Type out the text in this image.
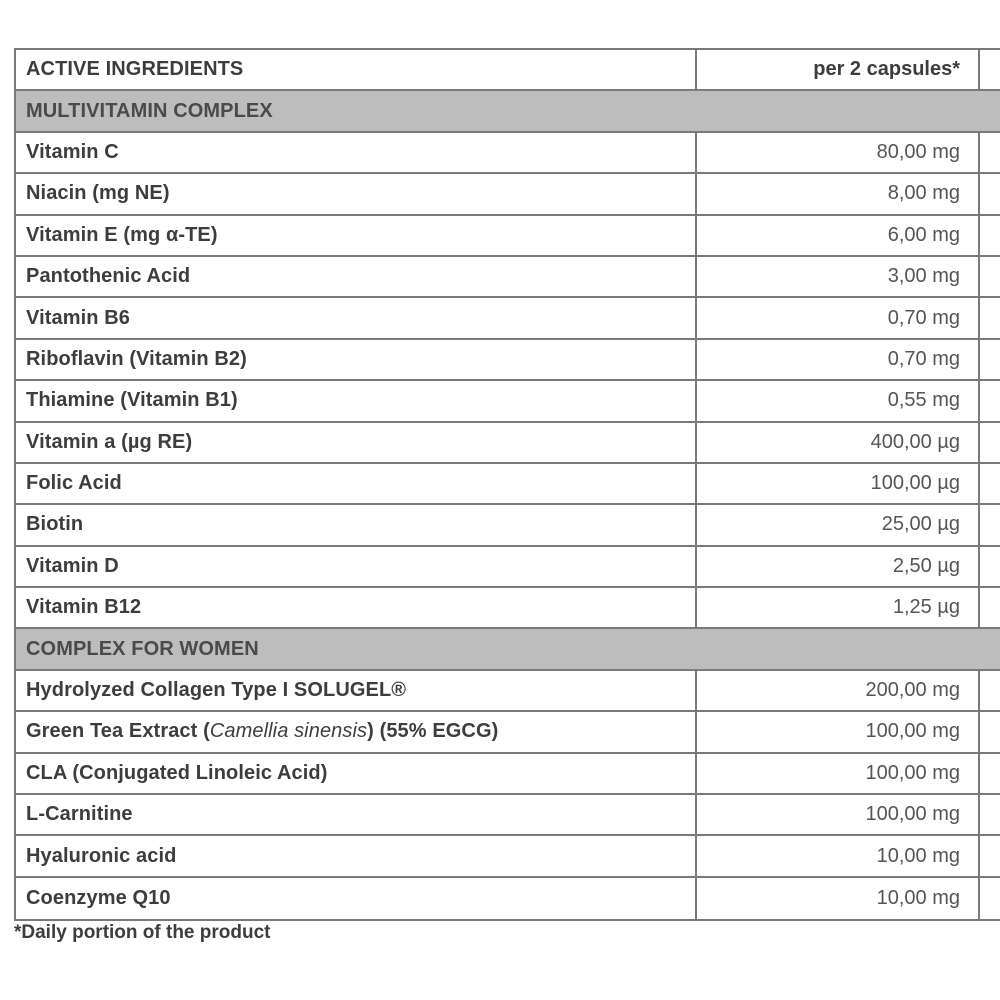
ACTIVE INGREDIENTS	per 2 capsules*
MULTIVITAMIN COMPLEX
Vitamin C	80,00 mg
Niacin (mg NE)	8,00 mg
Vitamin E (mg α-TE)	6,00 mg
Pantothenic Acid	3,00 mg
Vitamin B6	0,70 mg
Riboflavin (Vitamin B2)	0,70 mg
Thiamine (Vitamin B1)	0,55 mg
Vitamin a (µg RE)	400,00 µg
Folic Acid	100,00 µg
Biotin	25,00 µg
Vitamin D	2,50 µg
Vitamin B12	1,25 µg
COMPLEX FOR WOMEN
Hydrolyzed Collagen Type I SOLUGEL®	200,00 mg
Green Tea Extract ( Camellia sinensis ) (55% EGCG)	100,00 mg
CLA (Conjugated Linoleic Acid)	100,00 mg
L-Carnitine	100,00 mg
Hyaluronic acid	10,00 mg
Coenzyme Q10	10,00 mg
*Daily portion of the product
